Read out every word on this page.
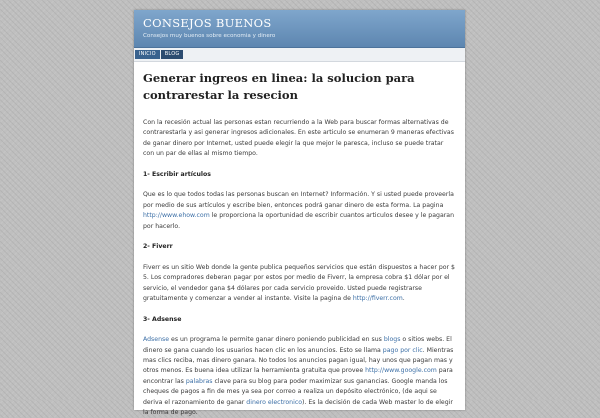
CONSEJOS BUENOS
Consejos muy buenos sobre economia y dinero
INICIO	BLOG
Generar ingreos en linea: la solucion para contrarestar la resecion

Con la recesión actual las personas estan recurriendo a la Web para buscar formas alternativas de contrarestarla y asi generar ingresos adicionales. En este articulo se enumeran 9 maneras efectivas de ganar dinero por Internet, usted puede elegir la que mejor le paresca, incluso se puede tratar con un par de ellas al mismo tiempo.

1- Escribir artículos

Que es lo que todos todas las personas buscan en Internet? Información. Y si usted puede proveerla por medio de sus artículos y escribe bien, entonces podrá ganar dinero de esta forma. La pagina http://www.ehow.com le proporciona la oportunidad de escribir cuantos articulos desee y le pagaran por hacerlo.

2- Fiverr

Fiverr es un sitio Web donde la gente publica pequeños servicios que están dispuestos a hacer por $ 5. Los compradores deberan pagar por estos por medio de Fiverr, la empresa cobra $1 dólar por el servicio, el vendedor gana $4 dólares por cada servicio proveido. Usted puede registrarse gratuitamente y comenzar a vender al instante. Visite la pagina de http://fiverr.com.

3- Adsense

Adsense es un programa le permite ganar dinero poniendo publicidad en sus blogs o sitios webs. El dinero se gana cuando los usuarios hacen clic en los anuncios. Esto se llama pago por clic. Mientras mas clics reciba, mas dinero ganara. No todos los anuncios pagan igual, hay unos que pagan mas y otros menos. Es buena idea utilizar la herramienta gratuita que provee http://www.google.com para encontrar las palabras clave para su blog para poder maximizar sus ganancias. Google manda los cheques de pagos a fin de mes ya sea por correo a realiza un depósito electrónico, (de aqui se deriva el razonamiento de ganar dinero electronico). Es la decisión de cada Web master lo de elegir la forma de pago.
